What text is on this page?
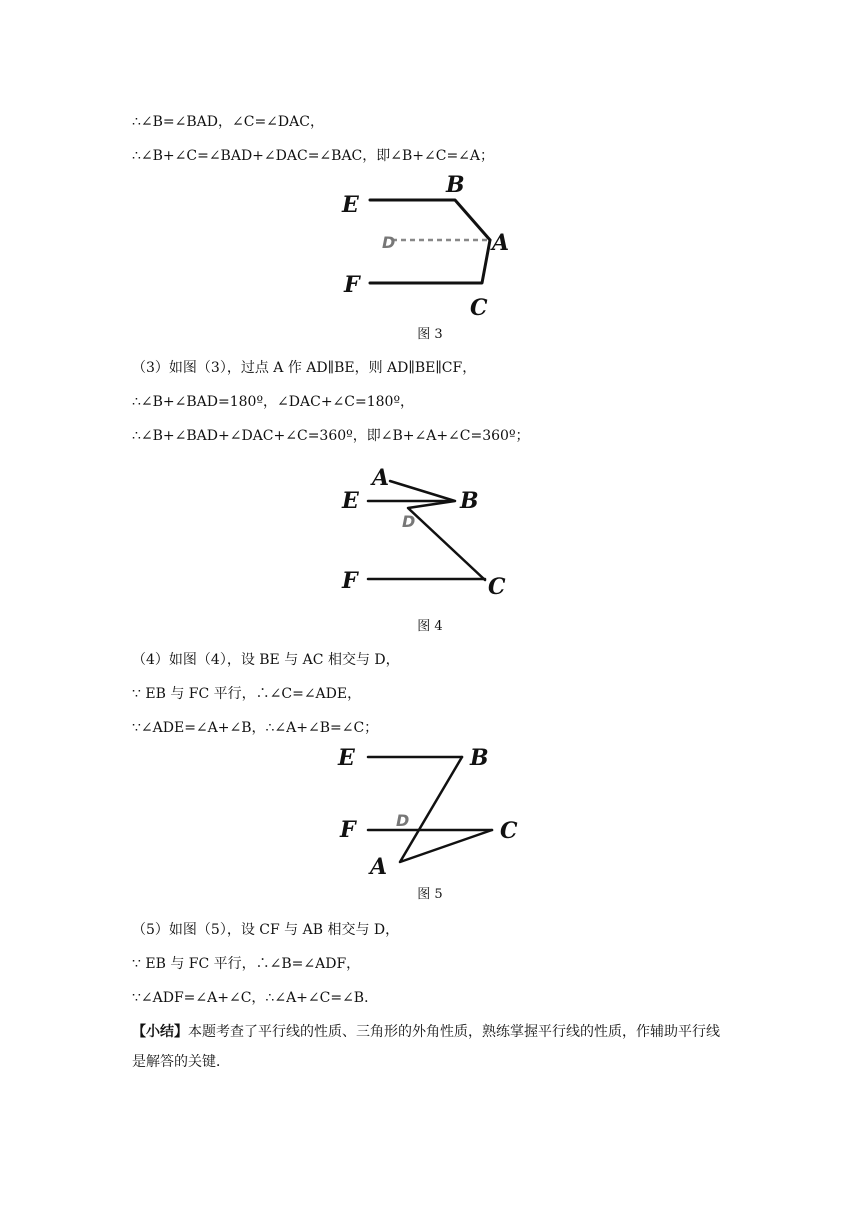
∴∠B=∠BAD，∠C=∠DAC，
∴∠B+∠C=∠BAD+∠DAC=∠BAC，即∠B+∠C=∠A；
E
B
D	A
F
C
图 3
（3）如图（3），过点 A 作 AD∥BE，则 AD∥BE∥CF，
∴∠B+∠BAD=180º，∠DAC+∠C=180º，
∴∠B+∠BAD+∠DAC+∠C=360º，即∠B+∠A+∠C=360º；
A
E	B
D
F	C
图 4
（4）如图（4），设 BE 与 AC 相交与 D，
∵ EB 与 FC 平行，∴∠C=∠ADE，
∵∠ADE=∠A+∠B，∴∠A+∠B=∠C；
E	B
F	D	C
A
图 5
（5）如图（5），设 CF 与 AB 相交与 D，
∵ EB 与 FC 平行，∴∠B=∠ADF，
∵∠ADF=∠A+∠C，∴∠A+∠C=∠B．
【小结】本题考查了平行线的性质、三角形的外角性质，熟练掌握平行线的性质，作辅助平行线是解答的关键．
